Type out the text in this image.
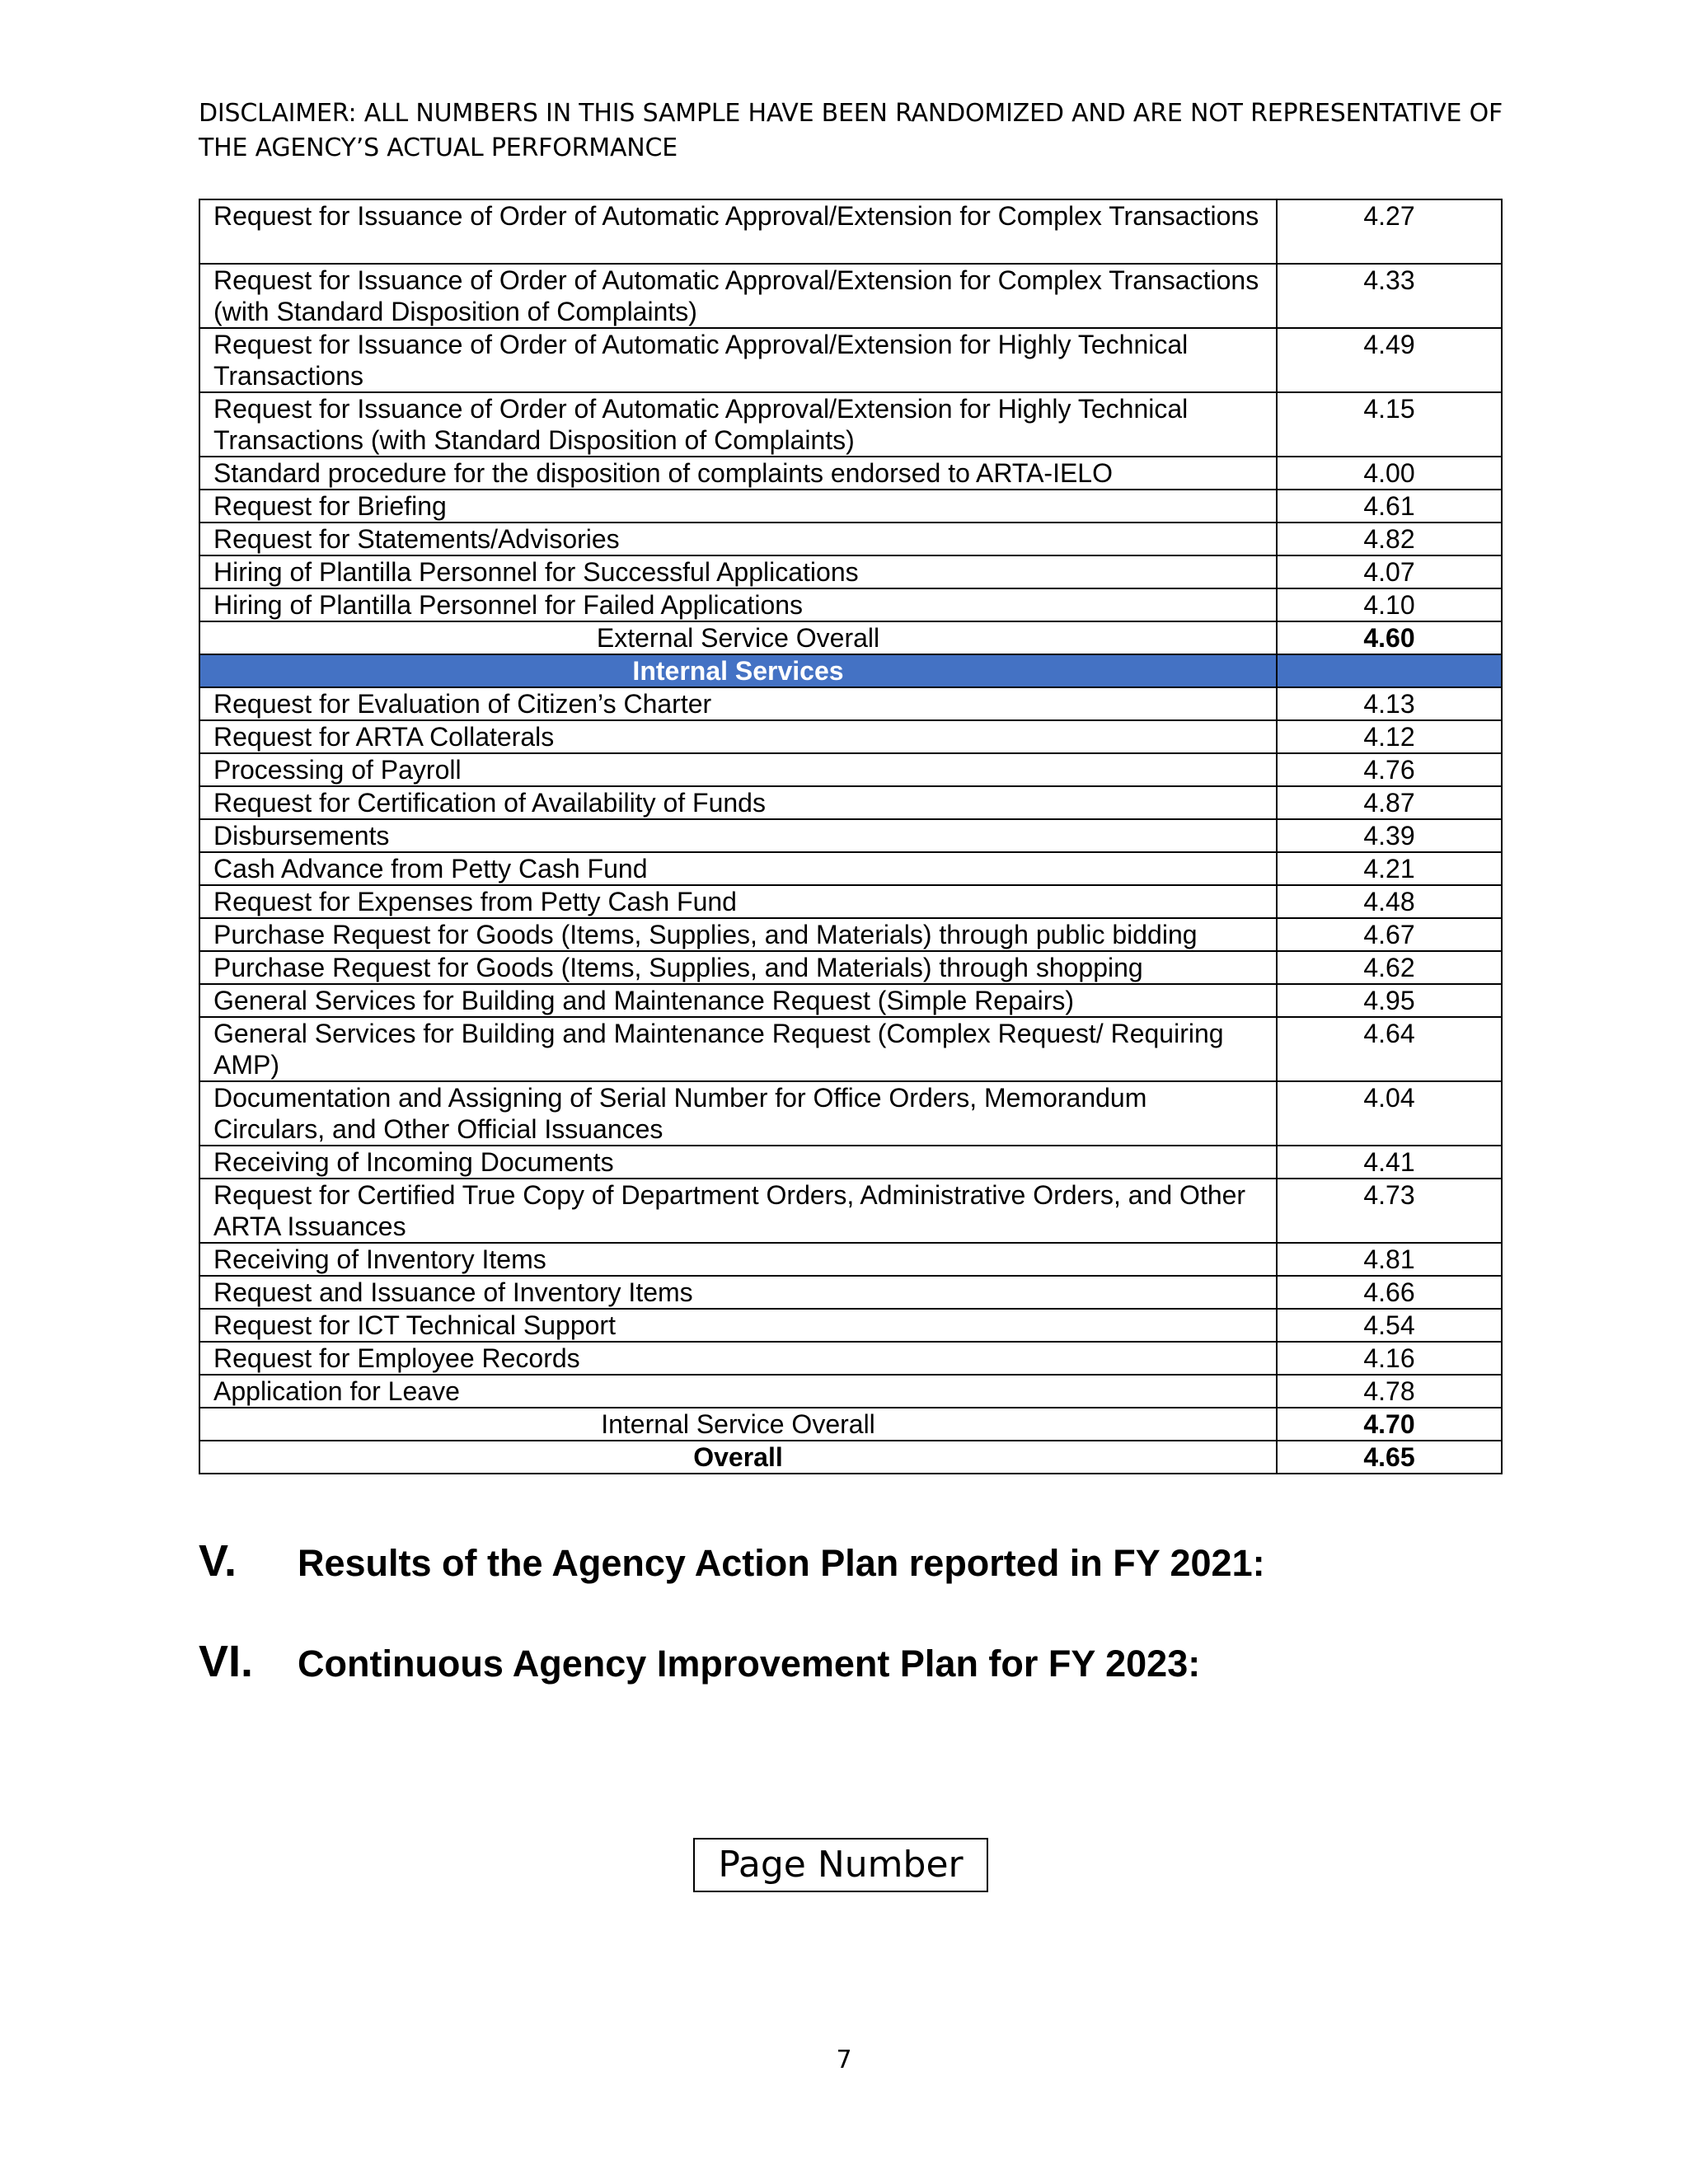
DISCLAIMER: ALL NUMBERS IN THIS SAMPLE HAVE BEEN RANDOMIZED AND ARE NOT REPRESENTATIVE OF THE AGENCY’S ACTUAL PERFORMANCE
Request for Issuance of Order of Automatic Approval/Extension for Complex Transactions	4.27
Request for Issuance of Order of Automatic Approval/Extension for Complex Transactions (with Standard Disposition of Complaints)	4.33
Request for Issuance of Order of Automatic Approval/Extension for Highly Technical Transactions	4.49
Request for Issuance of Order of Automatic Approval/Extension for Highly Technical Transactions (with Standard Disposition of Complaints)	4.15
Standard procedure for the disposition of complaints endorsed to ARTA-IELO	4.00
Request for Briefing	4.61
Request for Statements/Advisories	4.82
Hiring of Plantilla Personnel for Successful Applications	4.07
Hiring of Plantilla Personnel for Failed Applications	4.10
External Service Overall	4.60
Internal Services	
Request for Evaluation of Citizen’s Charter	4.13
Request for ARTA Collaterals	4.12
Processing of Payroll	4.76
Request for Certification of Availability of Funds	4.87
Disbursements	4.39
Cash Advance from Petty Cash Fund	4.21
Request for Expenses from Petty Cash Fund	4.48
Purchase Request for Goods (Items, Supplies, and Materials) through public bidding	4.67
Purchase Request for Goods (Items, Supplies, and Materials) through shopping	4.62
General Services for Building and Maintenance Request (Simple Repairs)	4.95
General Services for Building and Maintenance Request (Complex Request/ Requiring AMP)	4.64
Documentation and Assigning of Serial Number for Office Orders, Memorandum Circulars, and Other Official Issuances	4.04
Receiving of Incoming Documents	4.41
Request for Certified True Copy of Department Orders, Administrative Orders, and Other ARTA Issuances	4.73
Receiving of Inventory Items	4.81
Request and Issuance of Inventory Items	4.66
Request for ICT Technical Support	4.54
Request for Employee Records	4.16
Application for Leave	4.78
Internal Service Overall	4.70
Overall	4.65
V. Results of the Agency Action Plan reported in FY 2021:
VI. Continuous Agency Improvement Plan for FY 2023:
Page Number
7
